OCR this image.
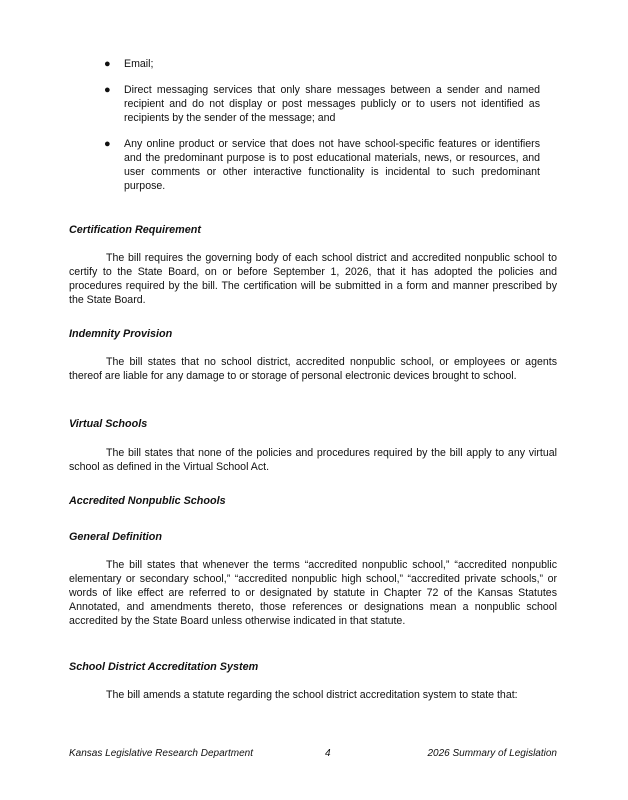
● Email;
● Direct messaging services that only share messages between a sender and named recipient and do not display or post messages publicly or to users not identified as recipients by the sender of the message; and
● Any online product or service that does not have school-specific features or identifiers and the predominant purpose is to post educational materials, news, or resources, and user comments or other interactive functionality is incidental to such predominant purpose.
Certification Requirement

The bill requires the governing body of each school district and accredited nonpublic school to certify to the State Board, on or before September 1, 2026, that it has adopted the policies and procedures required by the bill. The certification will be submitted in a form and manner prescribed by the State Board.

Indemnity Provision

The bill states that no school district, accredited nonpublic school, or employees or agents thereof are liable for any damage to or storage of personal electronic devices brought to school.

Virtual Schools

The bill states that none of the policies and procedures required by the bill apply to any virtual school as defined in the Virtual School Act.

Accredited Nonpublic Schools
General Definition

The bill states that whenever the terms “accredited nonpublic school,” “accredited nonpublic elementary or secondary school,” “accredited nonpublic high school,” “accredited private schools,” or words of like effect are referred to or designated by statute in Chapter 72 of the Kansas Statutes Annotated, and amendments thereto, those references or designations mean a nonpublic school accredited by the State Board unless otherwise indicated in that statute.

School District Accreditation System

The bill amends a statute regarding the school district accreditation system to state that:

Kansas Legislative Research Department	4	2026 Summary of Legislation
